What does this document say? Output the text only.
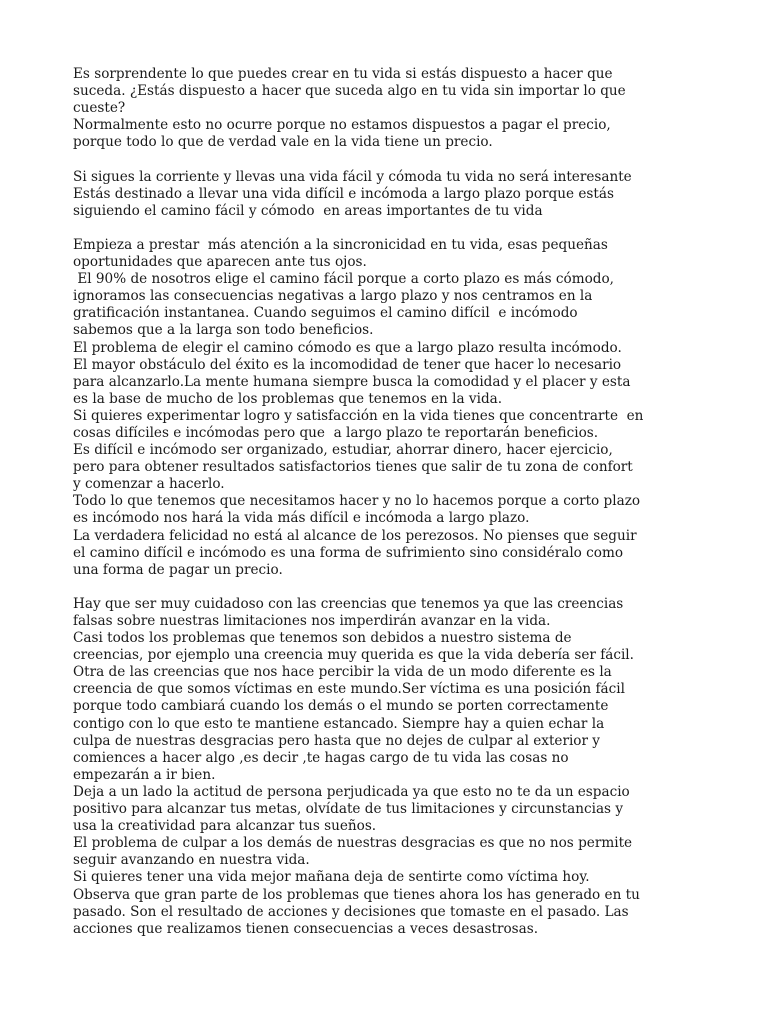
Es sorprendente lo que puedes crear en tu vida si estás dispuesto a hacer que
suceda. ¿Estás dispuesto a hacer que suceda algo en tu vida sin importar lo que
cueste?
Normalmente esto no ocurre porque no estamos dispuestos a pagar el precio,
porque todo lo que de verdad vale en la vida tiene un precio.
Si sigues la corriente y llevas una vida fácil y cómoda tu vida no será interesante
Estás destinado a llevar una vida difícil e incómoda a largo plazo porque estás
siguiendo el camino fácil y cómodo  en areas importantes de tu vida
Empieza a prestar  más atención a la sincronicidad en tu vida, esas pequeñas
oportunidades que aparecen ante tus ojos.
El 90% de nosotros elige el camino fácil porque a corto plazo es más cómodo,
ignoramos las consecuencias negativas a largo plazo y nos centramos en la
gratificación instantanea. Cuando seguimos el camino difícil  e incómodo
sabemos que a la larga son todo beneficios.
El problema de elegir el camino cómodo es que a largo plazo resulta incómodo.
El mayor obstáculo del éxito es la incomodidad de tener que hacer lo necesario
para alcanzarlo.La mente humana siempre busca la comodidad y el placer y esta
es la base de mucho de los problemas que tenemos en la vida.
Si quieres experimentar logro y satisfacción en la vida tienes que concentrarte  en
cosas difíciles e incómodas pero que  a largo plazo te reportarán beneficios.
Es difícil e incómodo ser organizado, estudiar, ahorrar dinero, hacer ejercicio,
pero para obtener resultados satisfactorios tienes que salir de tu zona de confort
y comenzar a hacerlo.
Todo lo que tenemos que necesitamos hacer y no lo hacemos porque a corto plazo
es incómodo nos hará la vida más difícil e incómoda a largo plazo.
La verdadera felicidad no está al alcance de los perezosos. No pienses que seguir
el camino difícil e incómodo es una forma de sufrimiento sino considéralo como
una forma de pagar un precio.
Hay que ser muy cuidadoso con las creencias que tenemos ya que las creencias
falsas sobre nuestras limitaciones nos imperdirán avanzar en la vida.
Casi todos los problemas que tenemos son debidos a nuestro sistema de
creencias, por ejemplo una creencia muy querida es que la vida debería ser fácil.
Otra de las creencias que nos hace percibir la vida de un modo diferente es la
creencia de que somos víctimas en este mundo.Ser víctima es una posición fácil
porque todo cambiará cuando los demás o el mundo se porten correctamente
contigo con lo que esto te mantiene estancado. Siempre hay a quien echar la
culpa de nuestras desgracias pero hasta que no dejes de culpar al exterior y
comiences a hacer algo ,es decir ,te hagas cargo de tu vida las cosas no
empezarán a ir bien.
Deja a un lado la actitud de persona perjudicada ya que esto no te da un espacio
positivo para alcanzar tus metas, olvídate de tus limitaciones y circunstancias y
usa la creatividad para alcanzar tus sueños.
El problema de culpar a los demás de nuestras desgracias es que no nos permite
seguir avanzando en nuestra vida.
Si quieres tener una vida mejor mañana deja de sentirte como víctima hoy.
Observa que gran parte de los problemas que tienes ahora los has generado en tu
pasado. Son el resultado de acciones y decisiones que tomaste en el pasado. Las
acciones que realizamos tienen consecuencias a veces desastrosas.
